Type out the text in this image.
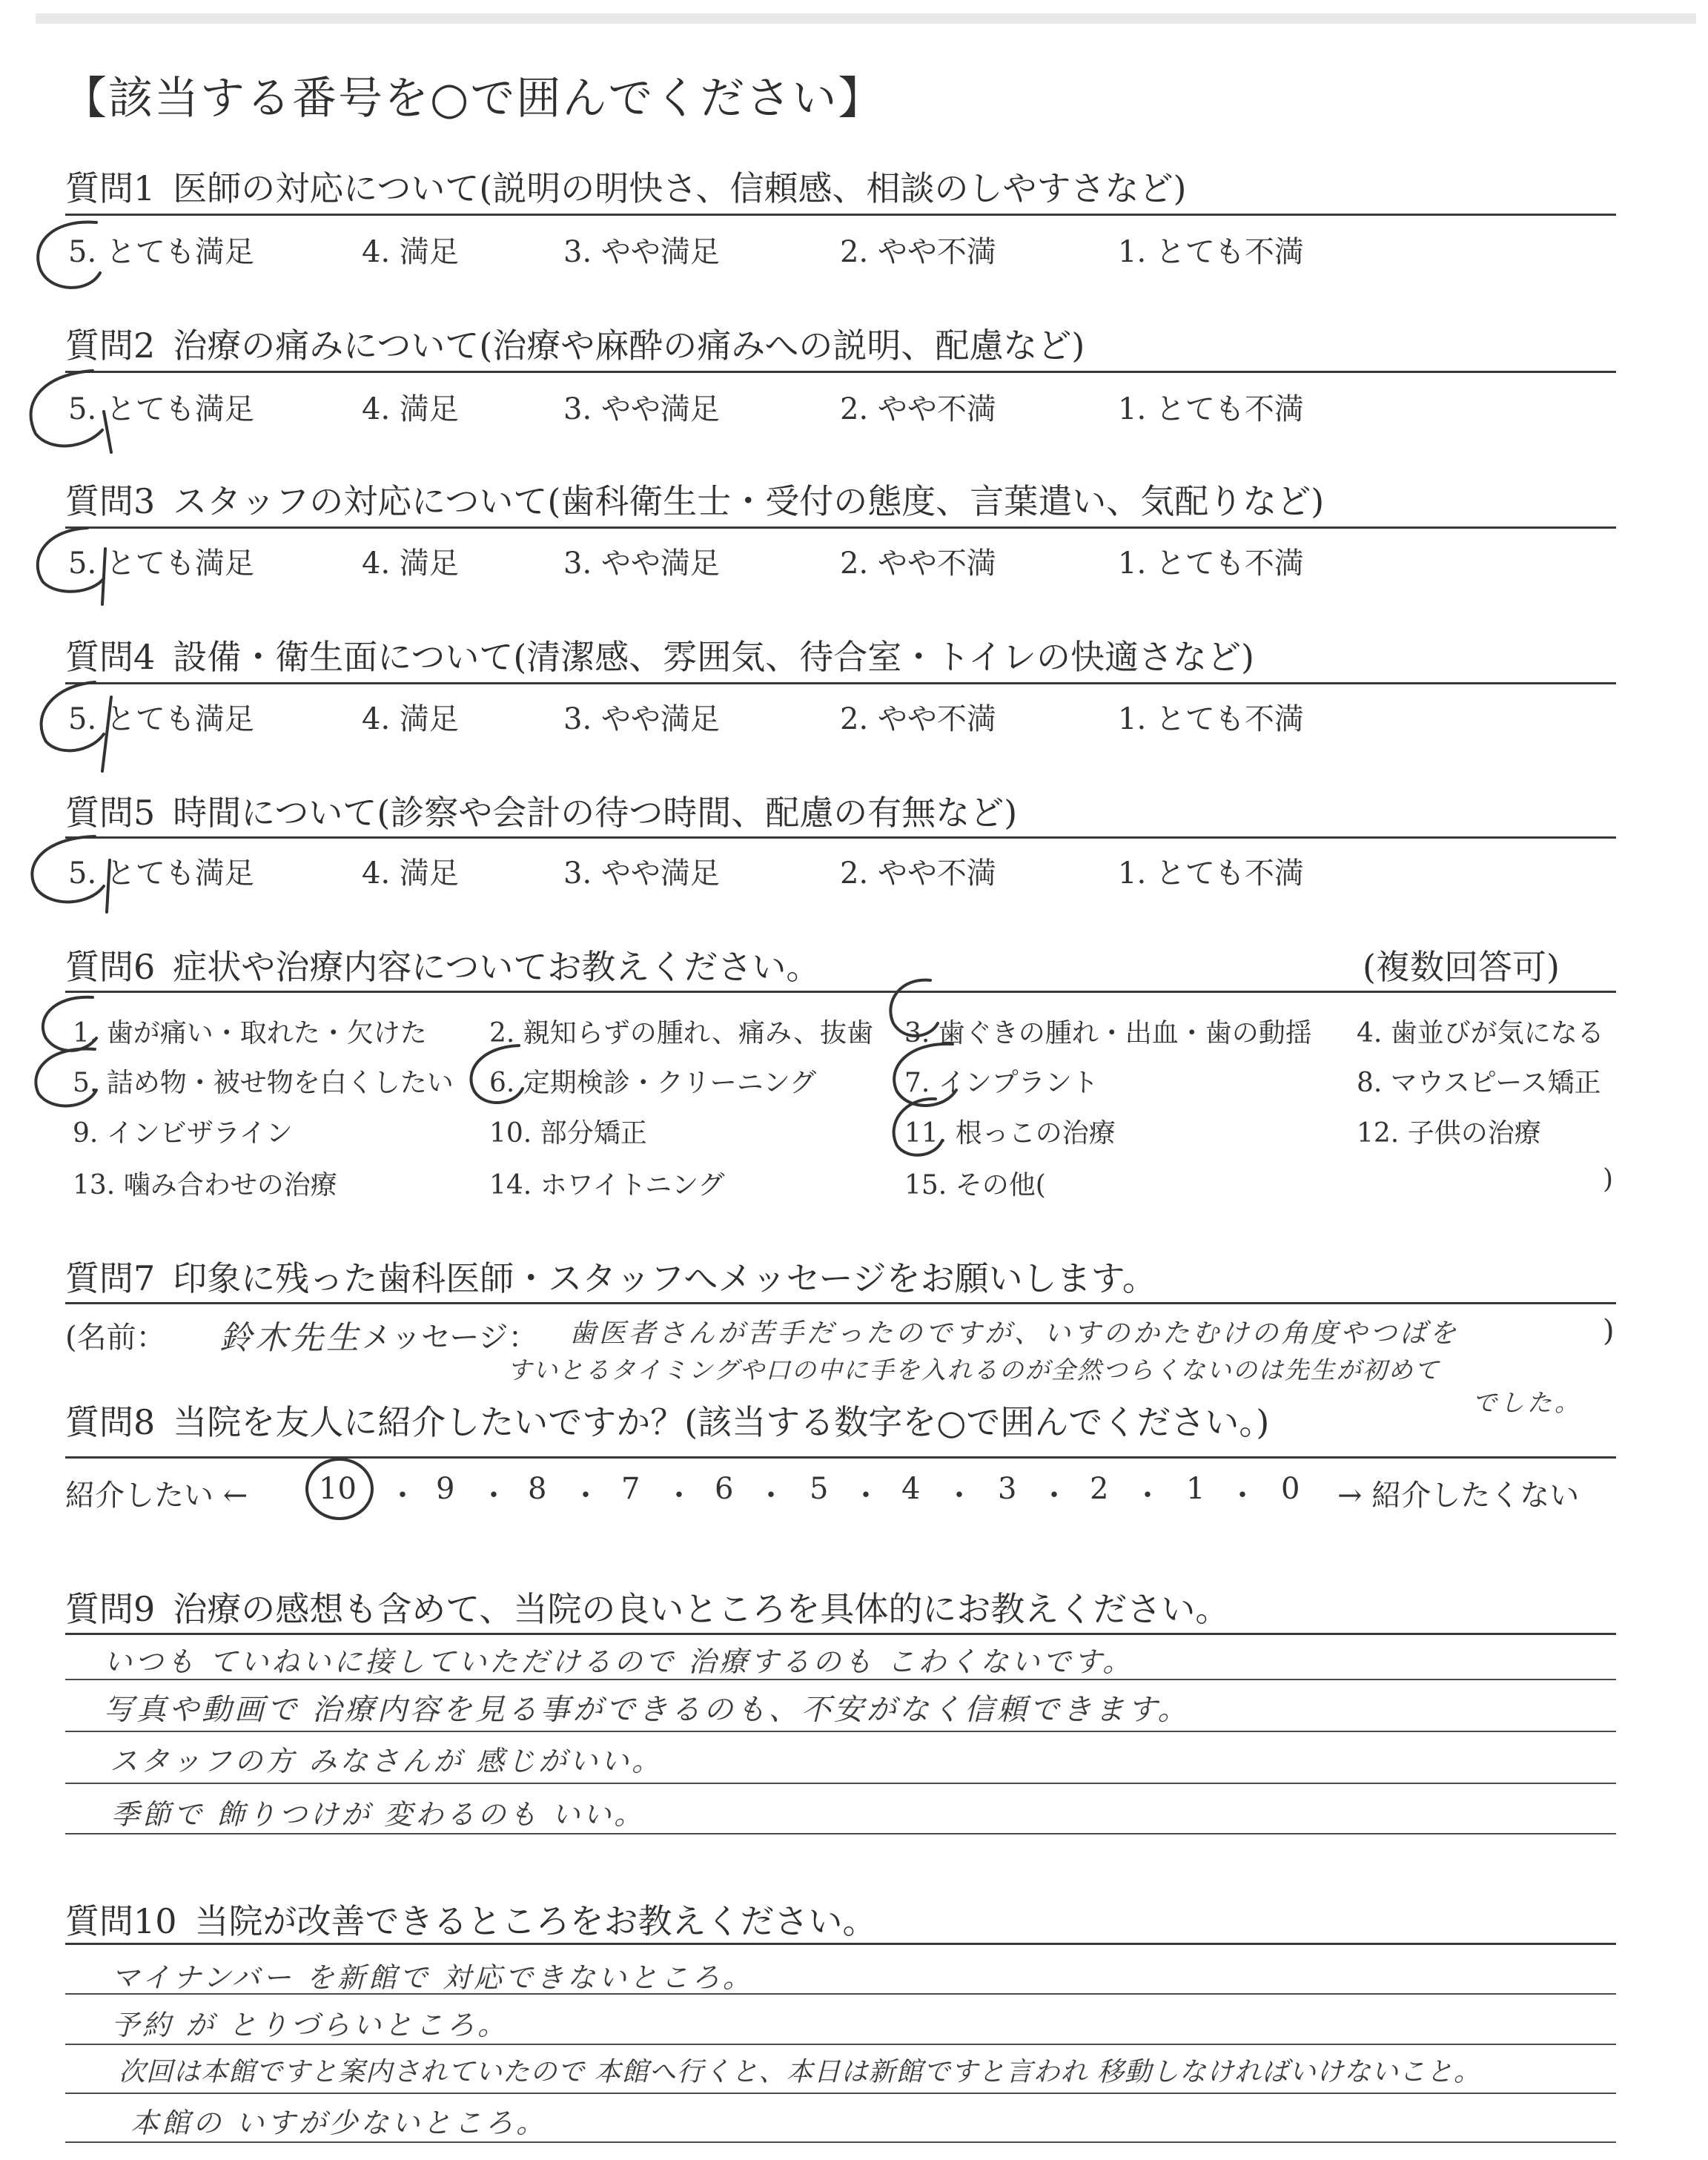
【該当する番号を○で囲んでください】
質問1 医師の対応について(説明の明快さ、信頼感、相談のしやすさなど)
5. とても満足	4. 満足	3. やや満足	2. やや不満	1. とても不満
質問2 治療の痛みについて(治療や麻酔の痛みへの説明、配慮など)
5. とても満足	4. 満足	3. やや満足	2. やや不満	1. とても不満
質問3 スタッフの対応について(歯科衛生士・受付の態度、言葉遣い、気配りなど)
5. とても満足	4. 満足	3. やや満足	2. やや不満	1. とても不満
質問4 設備・衛生面について(清潔感、雰囲気、待合室・トイレの快適さなど)
5. とても満足	4. 満足	3. やや満足	2. やや不満	1. とても不満
質問5 時間について(診察や会計の待つ時間、配慮の有無など)
5. とても満足	4. 満足	3. やや満足	2. やや不満	1. とても不満
質問6 症状や治療内容についてお教えください。	(複数回答可)
1. 歯が痛い・取れた・欠けた 2. 親知らずの腫れ、痛み、抜歯 3. 歯ぐきの腫れ・出血・歯の動揺 4. 歯並びが気になる
5. 詰め物・被せ物を白くしたい 6. 定期検診・クリーニング	7. インプラント	8. マウスピース矯正
9. インビザライン	10. 部分矯正	11. 根っこの治療	12. 子供の治療
13. 噛み合わせの治療	14. ホワイトニング	15. その他(	)
質問7 印象に残った歯科医師・スタッフへメッセージをお願いします。
(名前： 鈴木先生 メッセージ： 歯医者さんが苦手だったのですが、いすのかたむけの角度やつばを
すいとるタイミングや口の中に手を入れるのが全然つらくないのは先生が初めて
でした。
)
質問8 当院を友人に紹介したいですか？(該当する数字を○で囲んでください。)
紹介したい ← 10 ・ 9 ・ 8 ・ 7 ・ 6 ・ 5 ・ 4 ・ 3 ・ 2 ・ 1 ・ 0 → 紹介したくない
質問9 治療の感想も含めて、当院の良いところを具体的にお教えください。
いつも ていねいに接していただけるので 治療するのも こわくないです。
写真や動画で 治療内容を見る事ができるのも、不安がなく信頼できます。
スタッフの方 みなさんが 感じがいい。
季節で 飾りつけが 変わるのも いい。
質問10 当院が改善できるところをお教えください。
マイナンバー を新館で 対応できないところ。
予約 が とりづらいところ。
次回は本館ですと案内されていたので 本館へ行くと、本日は新館ですと言われ 移動しなければいけないこと。
本館の いすが少ないところ。
